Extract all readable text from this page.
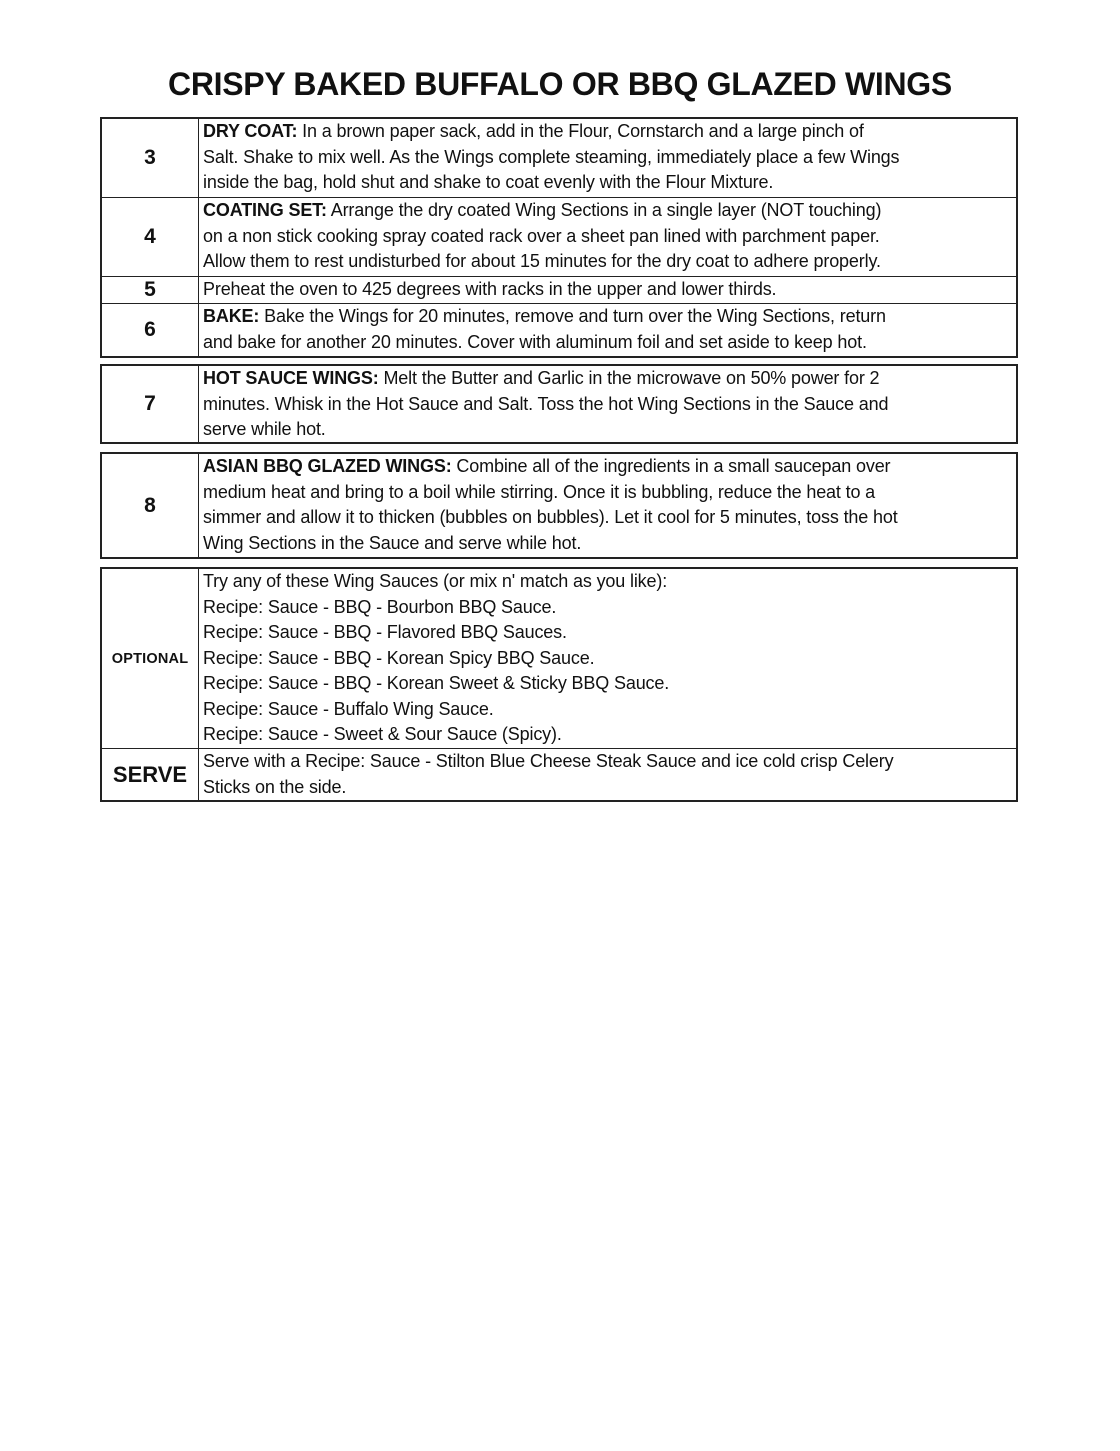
CRISPY BAKED BUFFALO OR BBQ GLAZED WINGS
3
DRY COAT: In a brown paper sack, add in the Flour, Cornstarch and a large pinch of
Salt. Shake to mix well. As the Wings complete steaming, immediately place a few Wings
inside the bag, hold shut and shake to coat evenly with the Flour Mixture.
4
COATING SET: Arrange the dry coated Wing Sections in a single layer (NOT touching)
on a non stick cooking spray coated rack over a sheet pan lined with parchment paper.
Allow them to rest undisturbed for about 15 minutes for the dry coat to adhere properly.
5	Preheat the oven to 425 degrees with racks in the upper and lower thirds.
6
BAKE: Bake the Wings for 20 minutes, remove and turn over the Wing Sections, return
and bake for another 20 minutes. Cover with aluminum foil and set aside to keep hot.
7
HOT SAUCE WINGS: Melt the Butter and Garlic in the microwave on 50% power for 2
minutes. Whisk in the Hot Sauce and Salt. Toss the hot Wing Sections in the Sauce and
serve while hot.
8
ASIAN BBQ GLAZED WINGS: Combine all of the ingredients in a small saucepan over
medium heat and bring to a boil while stirring. Once it is bubbling, reduce the heat to a
simmer and allow it to thicken (bubbles on bubbles). Let it cool for 5 minutes, toss the hot
Wing Sections in the Sauce and serve while hot.
OPTIONAL
Try any of these Wing Sauces (or mix n' match as you like):
Recipe: Sauce - BBQ - Bourbon BBQ Sauce.
Recipe: Sauce - BBQ - Flavored BBQ Sauces.
Recipe: Sauce - BBQ - Korean Spicy BBQ Sauce.
Recipe: Sauce - BBQ - Korean Sweet & Sticky BBQ Sauce.
Recipe: Sauce - Buffalo Wing Sauce.
Recipe: Sauce - Sweet & Sour Sauce (Spicy).
SERVE
Serve with a Recipe: Sauce - Stilton Blue Cheese Steak Sauce and ice cold crisp Celery
Sticks on the side.
